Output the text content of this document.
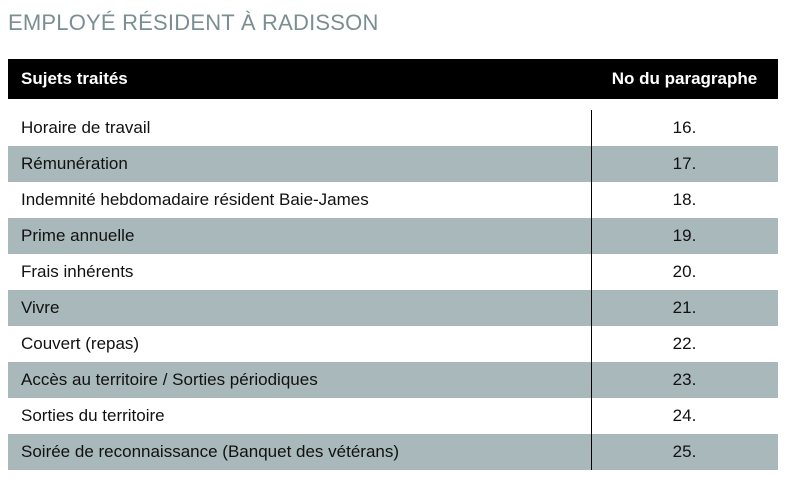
EMPLOYÉ RÉSIDENT À RADISSON
Sujets traités	No du paragraphe
Horaire de travail	16.
Rémunération	17.
Indemnité hebdomadaire résident Baie-James	18.
Prime annuelle	19.
Frais inhérents	20.
Vivre	21.
Couvert (repas)	22.
Accès au territoire / Sorties périodiques	23.
Sorties du territoire	24.
Soirée de reconnaissance (Banquet des vétérans)	25.
